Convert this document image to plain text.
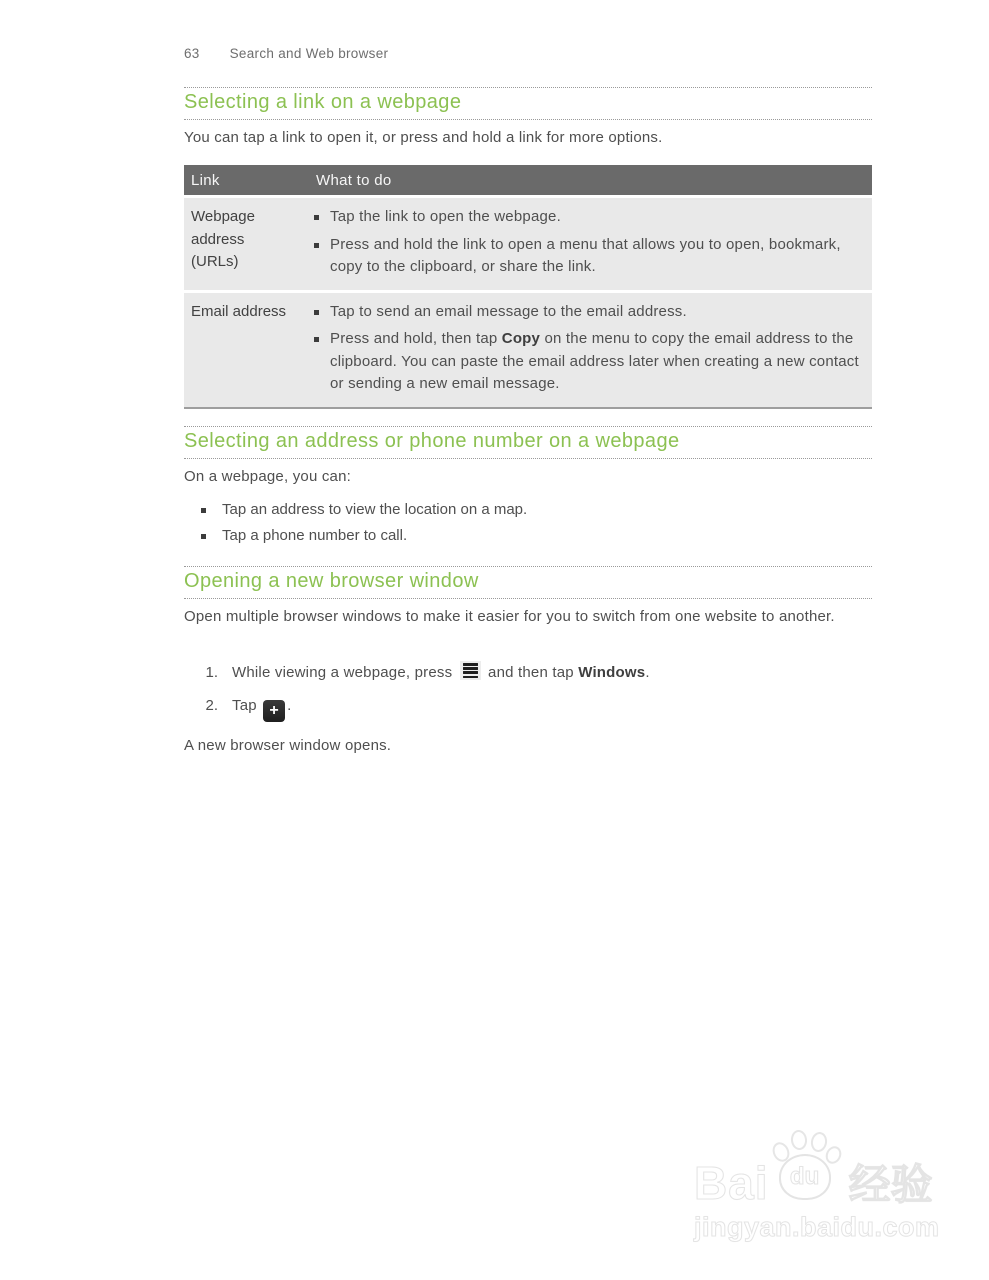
63 Search and Web browser
Selecting a link on a webpage

You can tap a link to open it, or press and hold a link for more options.

Link	What to do
Webpage address (URLs)
Tap the link to open the webpage.
Press and hold the link to open a menu that allows you to open, bookmark, copy to the clipboard, or share the link.
Email address	Tap to send an email message to the email address.
Press and hold, then tap Copy on the menu to copy the email address to the clipboard. You can paste the email address later when creating a new contact or sending a new email message.
Selecting an address or phone number on a webpage

On a webpage, you can:

Tap an address to view the location on a map.
Tap a phone number to call.
Opening a new browser window

Open multiple browser windows to make it easier for you to switch from one website to another.

1. While viewing a webpage, press and then tap Windows.
2. Tap + .

A new browser window opens.

Bai du 经验
jingyan.baidu.com
